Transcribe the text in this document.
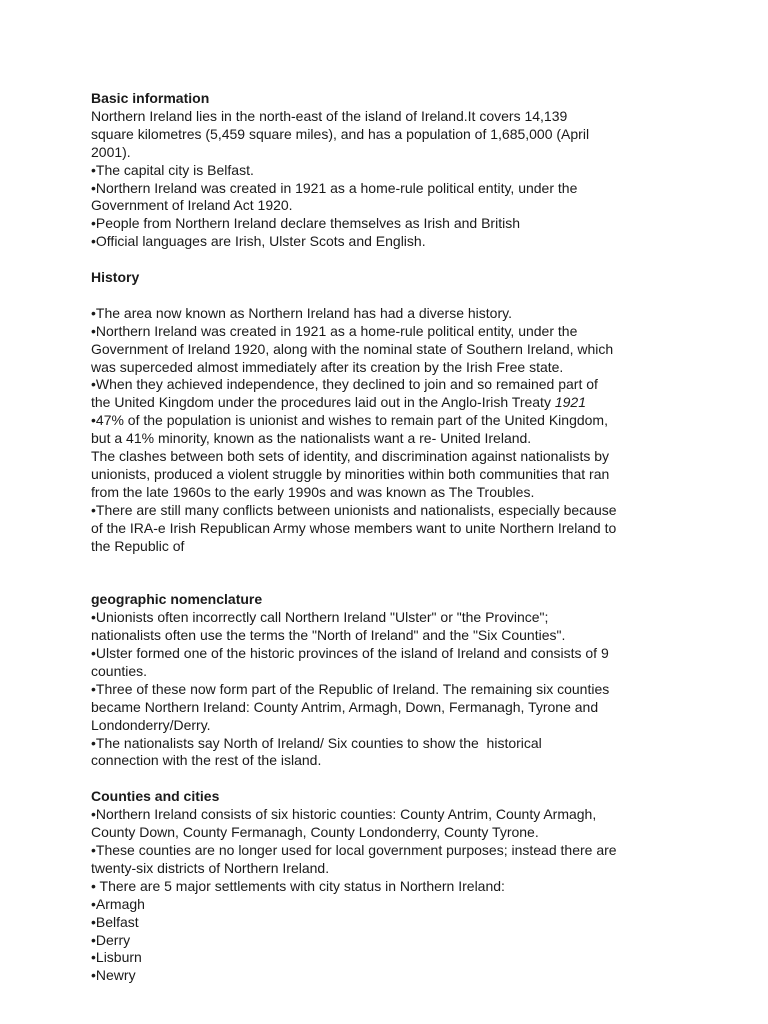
Basic information

Northern Ireland lies in the north-east of the island of Ireland.It covers 14,139

square kilometres (5,459 square miles), and has a population of 1,685,000 (April

2001).

•The capital city is Belfast.

•Northern Ireland was created in 1921 as a home-rule political entity, under the

Government of Ireland Act 1920.

•People from Northern Ireland declare themselves as Irish and British

•Official languages are Irish, Ulster Scots and English.

History

•The area now known as Northern Ireland has had a diverse history.

•Northern Ireland was created in 1921 as a home-rule political entity, under the

Government of Ireland 1920, along with the nominal state of Southern Ireland, which

was superceded almost immediately after its creation by the Irish Free state.

•When they achieved independence, they declined to join and so remained part of

the United Kingdom under the procedures laid out in the Anglo-Irish Treaty 1921

•47% of the population is unionist and wishes to remain part of the United Kingdom,

but a 41% minority, known as the nationalists want a re- United Ireland.

The clashes between both sets of identity, and discrimination against nationalists by

unionists, produced a violent struggle by minorities within both communities that ran

from the late 1960s to the early 1990s and was known as The Troubles.

•There are still many conflicts between unionists and nationalists, especially because

of the IRA-e Irish Republican Army whose members want to unite Northern Ireland to

the Republic of

geographic nomenclature

•Unionists often incorrectly call Northern Ireland "Ulster" or "the Province";

nationalists often use the terms the "North of Ireland" and the "Six Counties".

•Ulster formed one of the historic provinces of the island of Ireland and consists of 9

counties.

•Three of these now form part of the Republic of Ireland. The remaining six counties

became Northern Ireland: County Antrim, Armagh, Down, Fermanagh, Tyrone and

Londonderry/Derry.

•The nationalists say North of Ireland/ Six counties to show the  historical

connection with the rest of the island.

Counties and cities

•Northern Ireland consists of six historic counties: County Antrim, County Armagh,

County Down, County Fermanagh, County Londonderry, County Tyrone.

•These counties are no longer used for local government purposes; instead there are

twenty-six districts of Northern Ireland.

• There are 5 major settlements with city status in Northern Ireland:

•Armagh

•Belfast

•Derry

•Lisburn

•Newry
